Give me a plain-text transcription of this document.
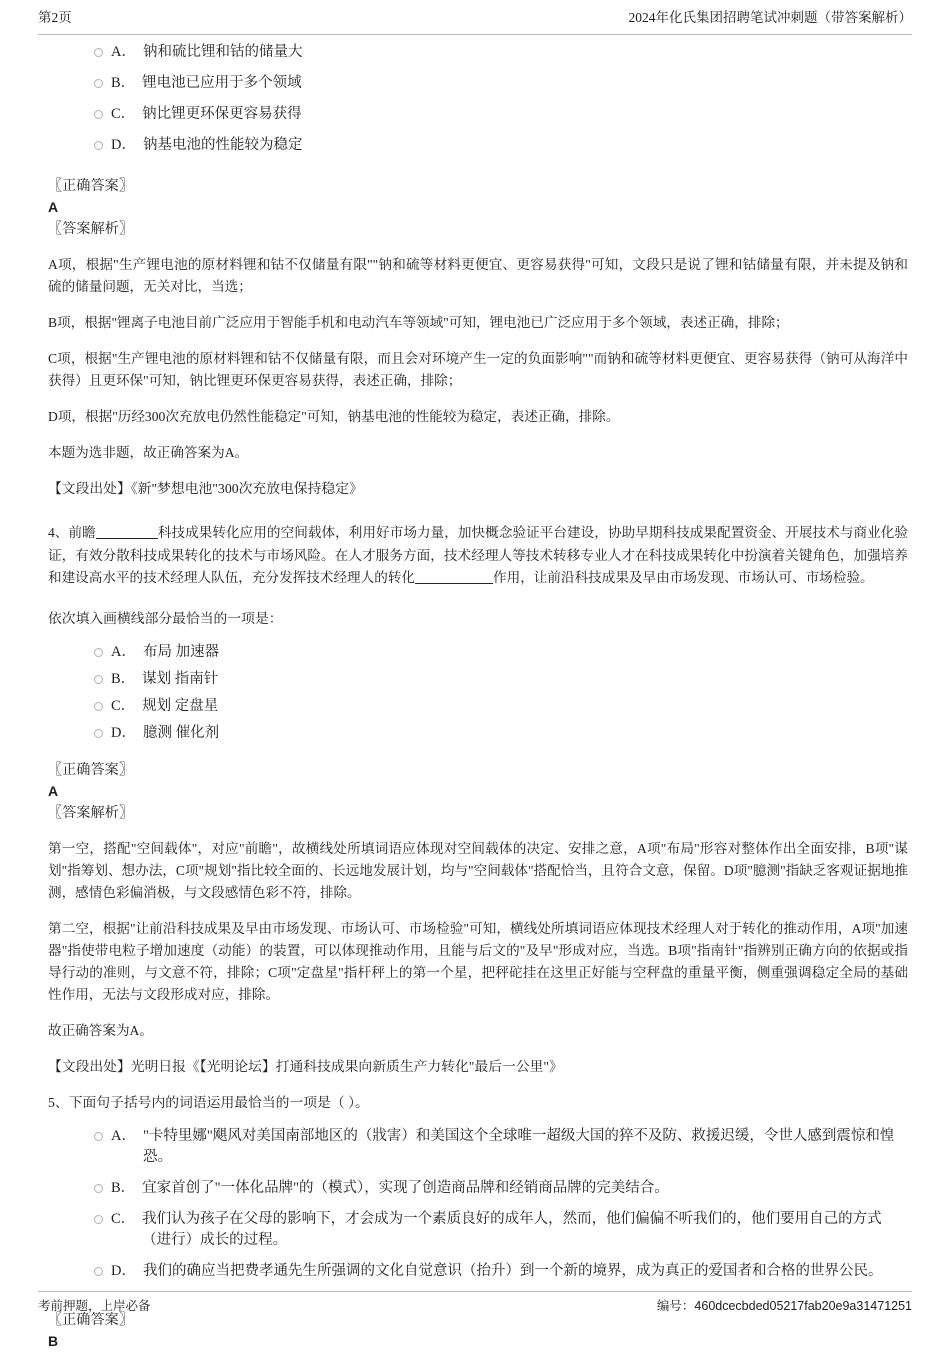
第2页	2024年化氏集团招聘笔试冲刺题（带答案解析）
A． 钠和硫比锂和钴的储量大
B． 锂电池已应用于多个领域
C． 钠比锂更环保更容易获得
D． 钠基电池的性能较为稳定

〖正确答案〗

A

〖答案解析〗

A项，根据"生产锂电池的原材料锂和钴不仅储量有限""钠和硫等材料更便宜、更容易获得"可知，文段只是说了锂和钴储量有限，并未提及钠和硫的储量问题，无关对比，当选；

B项，根据"锂离子电池目前广泛应用于智能手机和电动汽车等领域"可知，锂电池已广泛应用于多个领域，表述正确，排除；

C项，根据"生产锂电池的原材料锂和钴不仅储量有限，而且会对环境产生一定的负面影响""而钠和硫等材料更便宜、更容易获得（钠可从海洋中获得）且更环保"可知，钠比锂更环保更容易获得，表述正确，排除；

D项，根据"历经300次充放电仍然性能稳定"可知，钠基电池的性能较为稳定，表述正确，排除。

本题为选非题，故正确答案为A。

【文段出处】《新"梦想电池"300次充放电保持稳定》

4、前瞻	科技成果转化应用的空间载体，利用好市场力量，加快概念验证平台建设，协助早期科技成果配置资金、开展技术与商业化验证，有效分散科技成果转化的技术与市场风险。在人才服务方面，技术经理人等技术转移专业人才在科技成果转化中扮演着关键角色，加强培养和建设高水平的技术经理人队伍，充分发挥技术经理人的转化	作用，让前沿科技成果及早由市场发现、市场认可、市场检验。

依次填入画横线部分最恰当的一项是：

A． 布局 加速器
B． 谋划 指南针
C． 规划 定盘星
D． 臆测 催化剂

〖正确答案〗

A

〖答案解析〗

第一空，搭配"空间载体"，对应"前瞻"，故横线处所填词语应体现对空间载体的决定、安排之意，A项"布局"形容对整体作出全面安排，B项"谋划"指筹划、想办法，C项"规划"指比较全面的、长远地发展计划，均与"空间载体"搭配恰当，且符合文意，保留。D项"臆测"指缺乏客观证据地推测，感情色彩偏消极，与文段感情色彩不符，排除。

第二空，根据"让前沿科技成果及早由市场发现、市场认可、市场检验"可知，横线处所填词语应体现技术经理人对于转化的推动作用，A项"加速器"指使带电粒子增加速度（动能）的装置，可以体现推动作用，且能与后文的"及早"形成对应，当选。B项"指南针"指辨别正确方向的依据或指导行动的准则，与文意不符，排除；C项"定盘星"指杆秤上的第一个星，把秤砣挂在这里正好能与空秤盘的重量平衡，侧重强调稳定全局的基础性作用，无法与文段形成对应，排除。

故正确答案为A。

【文段出处】光明日报《【光明论坛】打通科技成果向新质生产力转化"最后一公里"》

5、下面句子括号内的词语运用最恰当的一项是（ ）。

A． "卡特里娜"飓风对美国南部地区的（戕害）和美国这个全球唯一超级大国的猝不及防、救援迟缓，令世人感到震惊和惶恐。
B． 宜家首创了"一体化品牌"的（模式），实现了创造商品牌和经销商品牌的完美结合。
C． 我们认为孩子在父母的影响下，才会成为一个素质良好的成年人，然而，他们偏偏不听我们的，他们要用自己的方式（进行）成长的过程。
D． 我们的确应当把费孝通先生所强调的文化自觉意识（抬升）到一个新的境界，成为真正的爱国者和合格的世界公民。

〖正确答案〗

B

考前押题，上岸必备	编号：460dcecbded05217fab20e9a31471251
